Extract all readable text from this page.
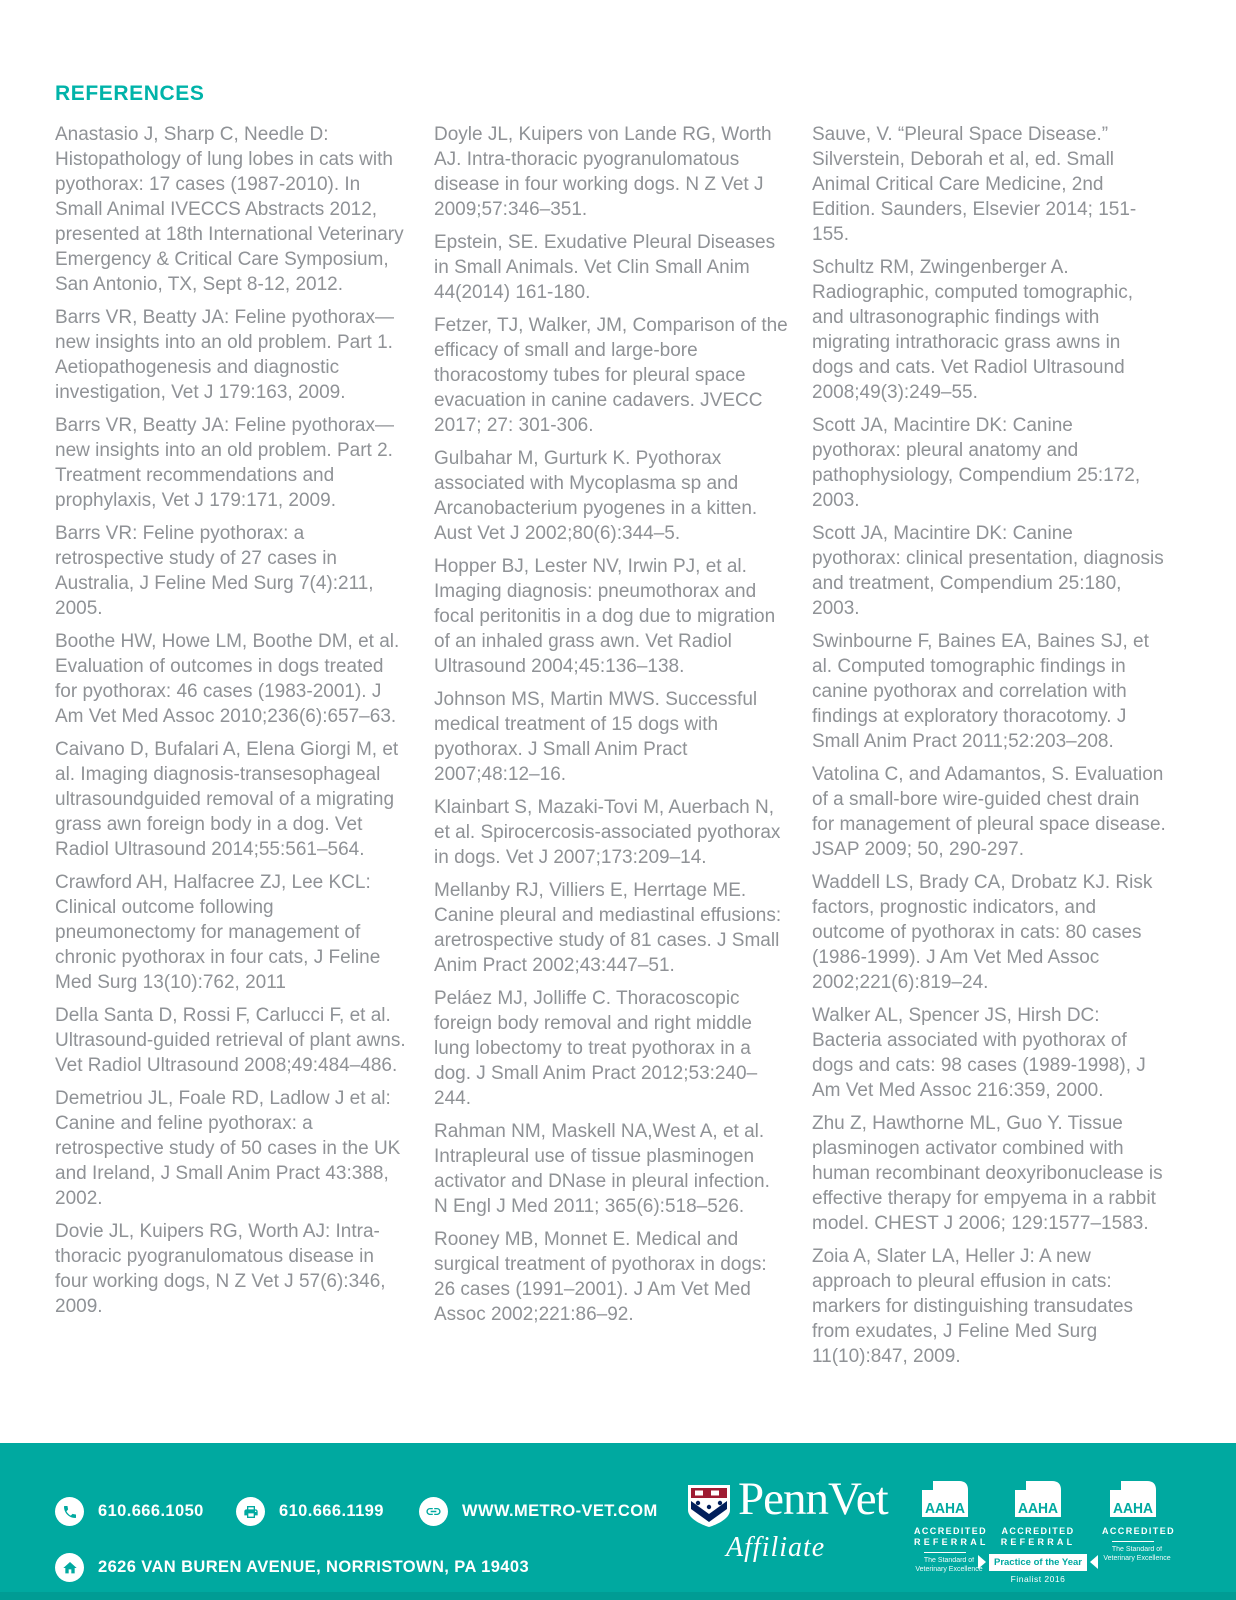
REFERENCES

Anastasio J, Sharp C, Needle D: Histopathology of lung lobes in cats with pyothorax: 17 cases (1987-2010). In Small Animal IVECCS Abstracts 2012, presented at 18th International Veterinary Emergency & Critical Care Symposium, San Antonio, TX, Sept 8-12, 2012.

Barrs VR, Beatty JA: Feline pyothorax—new insights into an old problem. Part 1. Aetiopathogenesis and diagnostic investigation, Vet J 179:163, 2009.

Barrs VR, Beatty JA: Feline pyothorax—new insights into an old problem. Part 2. Treatment recommendations and prophylaxis, Vet J 179:171, 2009.

Barrs VR: Feline pyothorax: a retrospective study of 27 cases in Australia, J Feline Med Surg 7(4):211, 2005.

Boothe HW, Howe LM, Boothe DM, et al. Evaluation of outcomes in dogs treated for pyothorax: 46 cases (1983-2001). J Am Vet Med Assoc 2010;236(6):657–63.

Caivano D, Bufalari A, Elena Giorgi M, et al. Imaging diagnosis-transesophageal ultrasoundguided removal of a migrating grass awn foreign body in a dog. Vet Radiol Ultrasound 2014;55:561–564.

Crawford AH, Halfacree ZJ, Lee KCL: Clinical outcome following pneumonectomy for management of chronic pyothorax in four cats, J Feline Med Surg 13(10):762, 2011

Della Santa D, Rossi F, Carlucci F, et al. Ultrasound-guided retrieval of plant awns. Vet Radiol Ultrasound 2008;49:484–486.

Demetriou JL, Foale RD, Ladlow J et al: Canine and feline pyothorax: a retrospective study of 50 cases in the UK and Ireland, J Small Anim Pract 43:388, 2002.

Dovie JL, Kuipers RG, Worth AJ: Intra-thoracic pyogranulomatous disease in four working dogs, N Z Vet J 57(6):346, 2009.

Doyle JL, Kuipers von Lande RG, Worth AJ. Intra-thoracic pyogranulomatous disease in four working dogs. N Z Vet J 2009;57:346–351.

Epstein, SE. Exudative Pleural Diseases in Small Animals. Vet Clin Small Anim 44(2014) 161-180.

Fetzer, TJ, Walker, JM, Comparison of the efficacy of small and large-bore thoracostomy tubes for pleural space evacuation in canine cadavers. JVECC 2017; 27: 301-306.

Gulbahar M, Gurturk K. Pyothorax associated with Mycoplasma sp and Arcanobacterium pyogenes in a kitten. Aust Vet J 2002;80(6):344–5.

Hopper BJ, Lester NV, Irwin PJ, et al. Imaging diagnosis: pneumothorax and focal peritonitis in a dog due to migration of an inhaled grass awn. Vet Radiol Ultrasound 2004;45:136–138.

Johnson MS, Martin MWS. Successful medical treatment of 15 dogs with pyothorax. J Small Anim Pract 2007;48:12–16.

Klainbart S, Mazaki-Tovi M, Auerbach N, et al. Spirocercosis-associated pyothorax in dogs. Vet J 2007;173:209–14.

Mellanby RJ, Villiers E, Herrtage ME. Canine pleural and mediastinal effusions: aretrospective study of 81 cases. J Small Anim Pract 2002;43:447–51.

Peláez MJ, Jolliffe C. Thoracoscopic foreign body removal and right middle lung lobectomy to treat pyothorax in a dog. J Small Anim Pract 2012;53:240–244.

Rahman NM, Maskell NA,West A, et al. Intrapleural use of tissue plasminogen activator and DNase in pleural infection. N Engl J Med 2011; 365(6):518–526.

Rooney MB, Monnet E. Medical and surgical treatment of pyothorax in dogs: 26 cases (1991–2001). J Am Vet Med Assoc 2002;221:86–92.

Sauve, V. “Pleural Space Disease.” Silverstein, Deborah et al, ed. Small Animal Critical Care Medicine, 2nd Edition. Saunders, Elsevier 2014; 151-155.

Schultz RM, Zwingenberger A. Radiographic, computed tomographic, and ultrasonographic findings with migrating intrathoracic grass awns in dogs and cats. Vet Radiol Ultrasound 2008;49(3):249–55.

Scott JA, Macintire DK: Canine pyothorax: pleural anatomy and pathophysiology, Compendium 25:172, 2003.

Scott JA, Macintire DK: Canine pyothorax: clinical presentation, diagnosis and treatment, Compendium 25:180, 2003.

Swinbourne F, Baines EA, Baines SJ, et al. Computed tomographic findings in canine pyothorax and correlation with findings at exploratory thoracotomy. J Small Anim Pract 2011;52:203–208.

Vatolina C, and Adamantos, S. Evaluation of a small-bore wire-guided chest drain for management of pleural space disease. JSAP 2009; 50, 290-297.

Waddell LS, Brady CA, Drobatz KJ. Risk factors, prognostic indicators, and outcome of pyothorax in cats: 80 cases (1986-1999). J Am Vet Med Assoc 2002;221(6):819–24.

Walker AL, Spencer JS, Hirsh DC: Bacteria associated with pyothorax of dogs and cats: 98 cases (1989-1998), J Am Vet Med Assoc 216:359, 2000.

Zhu Z, Hawthorne ML, Guo Y. Tissue plasminogen activator combined with human recombinant deoxyribonuclease is effective therapy for empyema in a rabbit model. CHEST J 2006; 129:1577–1583.

Zoia A, Slater LA, Heller J: A new approach to pleural effusion in cats: markers for distinguishing transudates from exudates, J Feline Med Surg 11(10):847, 2009.

610.666.1050	610.666.1199	WWW.METRO-VET.COM
2626 VAN BUREN AVENUE, NORRISTOWN, PA 19403
PennVet
Affiliate
AAHA
ACCREDITED
REFERRAL
The Standard of Veterinary Excellence
AAHA
ACCREDITED
REFERRAL
Practice of the Year
Finalist 2016
AAHA
ACCREDITED
The Standard of Veterinary Excellence
